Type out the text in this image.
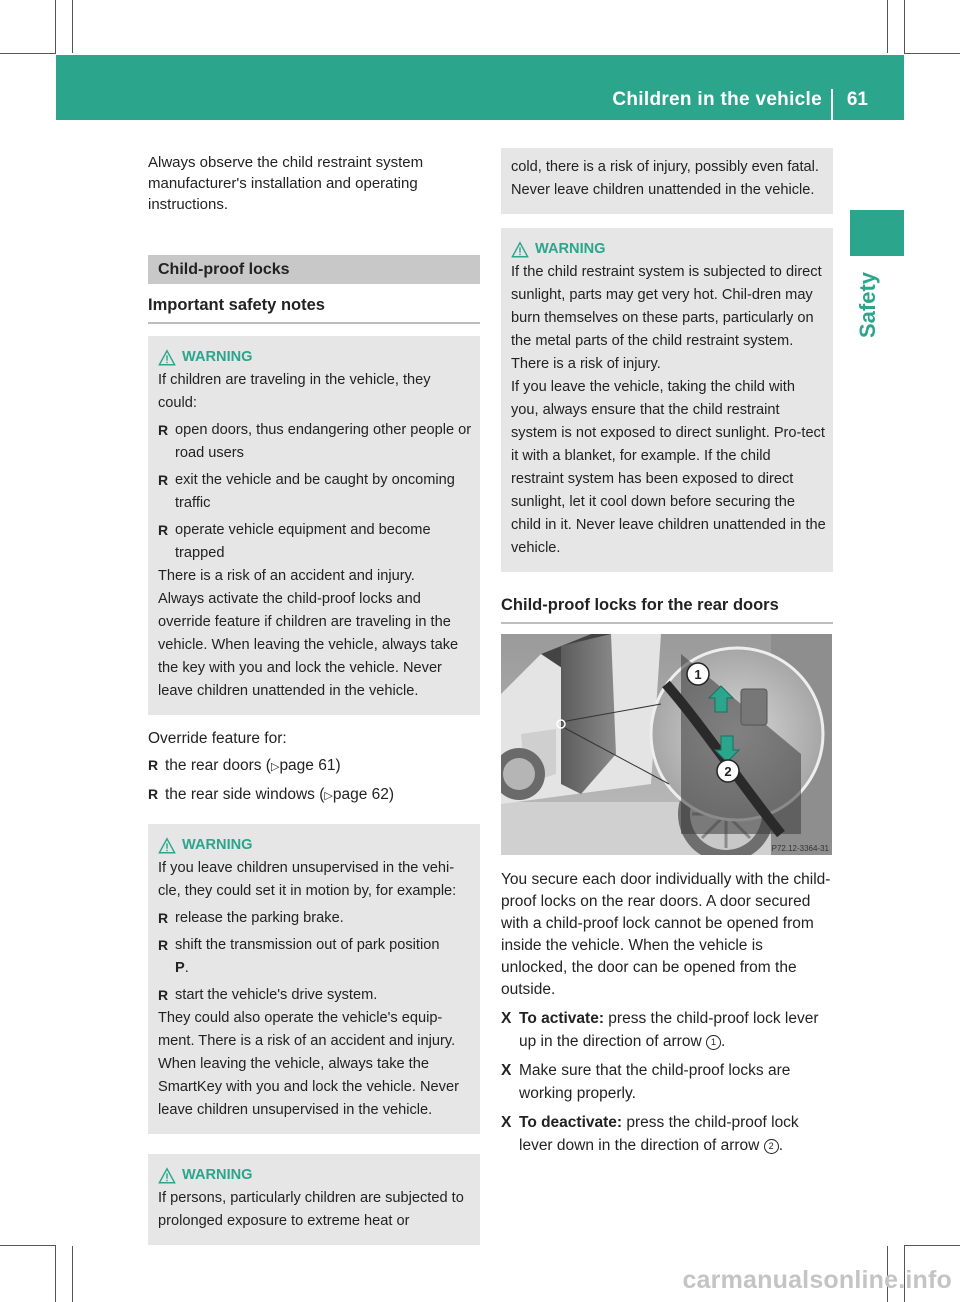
Children in the vehicle 61
Safety

Always observe the child restraint system manufacturer's installation and operating instructions.

Child-proof locks
Important safety notes
WARNING

If children are traveling in the vehicle, they could:

R open doors, thus endangering other people or road users
R exit the vehicle and be caught by oncoming traffic
R operate vehicle equipment and become trapped

There is a risk of an accident and injury.

Always activate the child-proof locks and override feature if children are traveling in the vehicle. When leaving the vehicle, always take the key with you and lock the vehicle. Never leave children unattended in the vehicle.

Override feature for:

R the rear doors (▷page 61)
R the rear side windows (▷page 62)
WARNING

If you leave children unsupervised in the vehi-cle, they could set it in motion by, for example:

R release the parking brake.
R shift the transmission out of park position
P.
R start the vehicle's drive system.

They could also operate the vehicle's equip-ment. There is a risk of an accident and injury.

When leaving the vehicle, always take the SmartKey with you and lock the vehicle. Never leave children unsupervised in the vehicle.

WARNING

If persons, particularly children are subjected to prolonged exposure to extreme heat or

cold, there is a risk of injury, possibly even fatal. Never leave children unattended in the vehicle.

WARNING

If the child restraint system is subjected to direct sunlight, parts may get very hot. Chil-dren may burn themselves on these parts, particularly on the metal parts of the child restraint system. There is a risk of injury.

If you leave the vehicle, taking the child with you, always ensure that the child restraint system is not exposed to direct sunlight. Pro-tect it with a blanket, for example. If the child restraint system has been exposed to direct sunlight, let it cool down before securing the child in it. Never leave children unattended in the vehicle.

Child-proof locks for the rear doors
1
2
P72.12-3364-31

You secure each door individually with the child-proof locks on the rear doors. A door secured with a child-proof lock cannot be opened from inside the vehicle. When the vehicle is unlocked, the door can be opened from the outside.

X To activate: press the child-proof lock lever up in the direction of arrow 1 .
X Make sure that the child-proof locks are working properly.
X To deactivate: press the child-proof lock lever down in the direction of arrow 2 .
carmanualsonline.info
